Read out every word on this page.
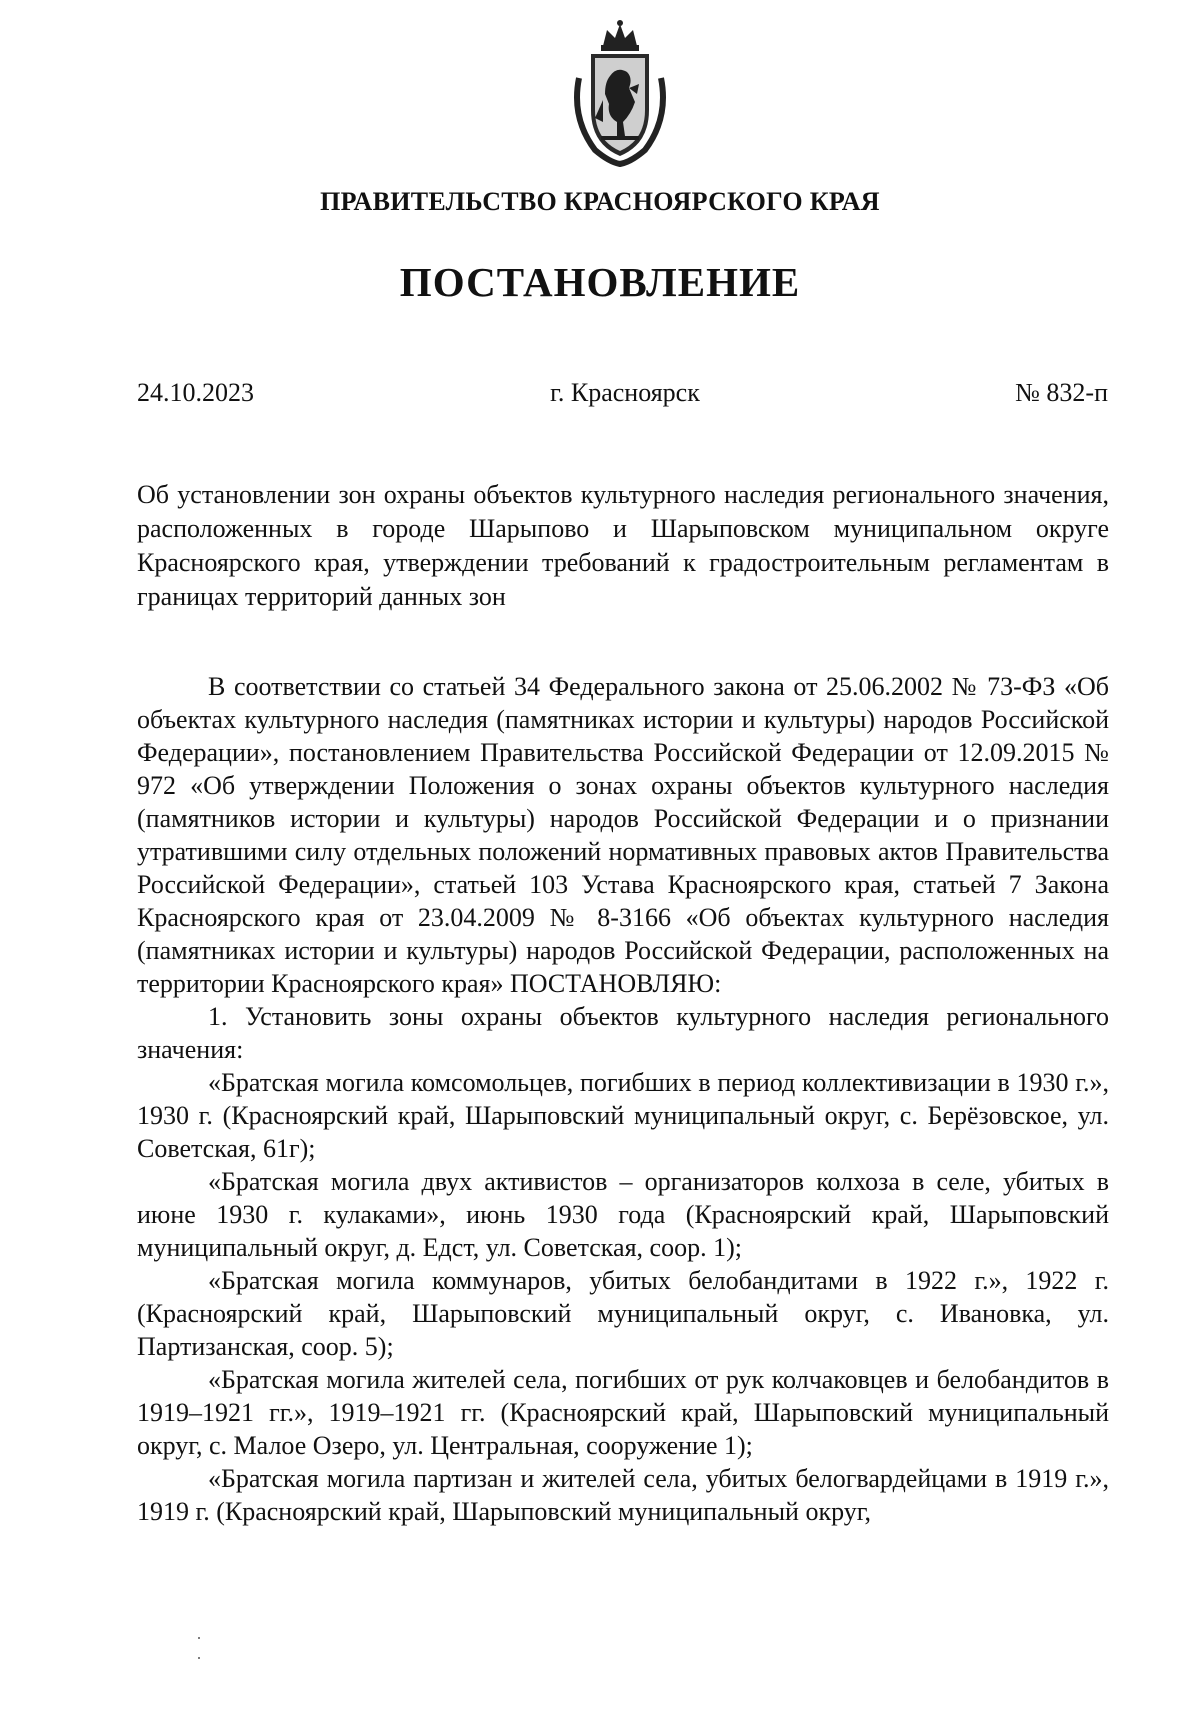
ПРАВИТЕЛЬСТВО КРАСНОЯРСКОГО КРАЯ
ПОСТАНОВЛЕНИЕ
24.10.2023	г. Красноярск	№ 832-п
Об установлении зон охраны объектов культурного наследия регионального значения, расположенных в городе Шарыпово и Шарыповском муниципальном округе Красноярского края, утверждении требований к градостроительным регламентам в границах территорий данных зон

В соответствии со статьей 34 Федерального закона от 25.06.2002 № 73-ФЗ «Об объектах культурного наследия (памятниках истории и культуры) народов Российской Федерации», постановлением Правительства Российской Федерации от 12.09.2015 № 972 «Об утверждении Положения о зонах охраны объектов культурного наследия (памятников истории и культуры) народов Российской Федерации и о признании утратившими силу отдельных положений нормативных правовых актов Правительства Российской Федерации», статьей 103 Устава Красноярского края, статьей 7 Закона Красноярского края от 23.04.2009 № 8-3166 «Об объектах культурного наследия (памятниках истории и культуры) народов Российской Федерации, расположенных на территории Красноярского края» ПОСТАНОВЛЯЮ:

1. Установить зоны охраны объектов культурного наследия регионального значения:

«Братская могила комсомольцев, погибших в период коллективизации в 1930 г.», 1930 г. (Красноярский край, Шарыповский муниципальный округ, с. Берёзовское, ул. Советская, 61г);

«Братская могила двух активистов – организаторов колхоза в селе, убитых в июне 1930 г. кулаками», июнь 1930 года (Красноярский край, Шарыповский муниципальный округ, д. Едст, ул. Советская, соор. 1);

«Братская могила коммунаров, убитых белобандитами в 1922 г.», 1922 г. (Красноярский край, Шарыповский муниципальный округ, с. Ивановка, ул. Партизанская, соор. 5);

«Братская могила жителей села, погибших от рук колчаковцев и белобандитов в 1919–1921 гг.», 1919–1921 гг. (Красноярский край, Шарыповский муниципальный округ, с. Малое Озеро, ул. Центральная, сооружение 1);

«Братская могила партизан и жителей села, убитых белогвардейцами в 1919 г.», 1919 г. (Красноярский край, Шарыповский муниципальный округ,
